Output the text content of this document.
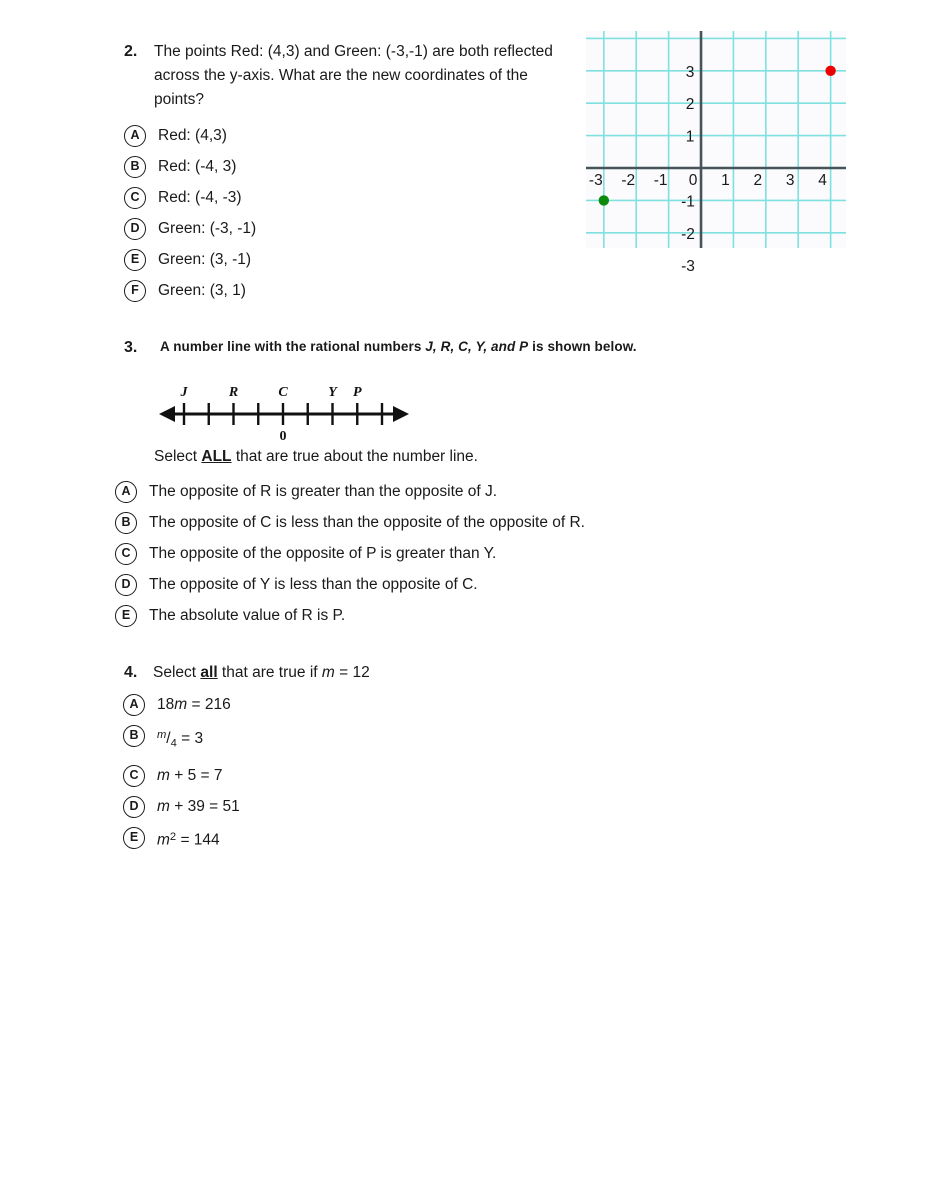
2.	The points Red: (4,3) and Green: (-3,-1) are both reflected across the y-axis. What are the new coordinates of the points?
A	Red: (4,3)
B	Red: (-4, 3)
C	Red: (-4, -3)
D	Green: (-3, -1)
E	Green: (3, -1)
F	Green: (3, 1)
-3 -2 -1 0 1 2 3 4
3
2
1
-1
-2
-3
3.	A number line with the rational numbers J, R, C, Y, and P is shown below.
J	R	C	Y P
0
Select ALL that are true about the number line.
A	The opposite of R is greater than the opposite of J.
B	The opposite of C is less than the opposite of the opposite of R.
C	The opposite of the opposite of P is greater than Y.
D	The opposite of Y is less than the opposite of C.
E	The absolute value of R is P.
4.	Select all that are true if m = 12
A	18m = 216
B	$^m/_4 = 3$
C	m + 5 = 7
D	m + 39 = 51
E	$m^2 = 144$
